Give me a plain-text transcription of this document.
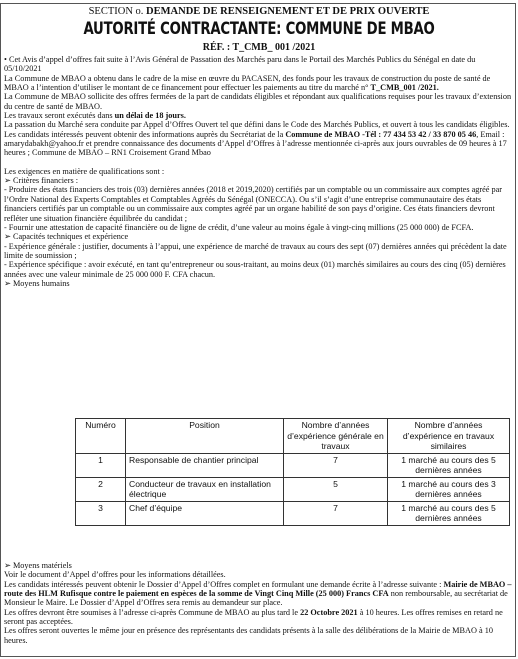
SECTION o. DEMANDE DE RENSEIGNEMENT ET DE PRIX OUVERTE
AUTORITÉ CONTRACTANTE: COMMUNE DE MBAO
RÉF. : T_CMB_ 001 /2021

• Cet Avis d’appel d’offres fait suite à l’Avis Général de Passation des Marchés paru dans le Portail des Marchés Publics du Sénégal en date du 05/10/2021

La Commune de MBAO a obtenu dans le cadre de la mise en œuvre du PACASEN, des fonds pour les travaux de construction du poste de santé de MBAO a l’intention d’utiliser le montant de ce financement pour effectuer les paiements au titre du marché n° T_CMB_001 /2021.

La Commune de MBAO sollicite des offres fermées de la part de candidats éligibles et répondant aux qualifications requises pour les travaux d’extension du centre de santé de MBAO.

Les travaux seront exécutés dans un délai de 18 jours.

La passation du Marché sera conduite par Appel d’Offres Ouvert tel que défini dans le Code des Marchés Publics, et ouvert à tous les candidats éligibles.

Les candidats intéressés peuvent obtenir des informations auprès du Secrétariat de la Commune de MBAO -Tél : 77 434 53 42 / 33 870 05 46, Email : amarydabakh@yahoo.fr et prendre connaissance des documents d’Appel d’Offres à l’adresse mentionnée ci-après aux jours ouvrables de 09 heures à 17 heures ; Commune de MBAO – RN1 Croisement Grand Mbao

Les exigences en matière de qualifications sont :

➢ Critères financiers :

- Produire des états financiers des trois (03) dernières années (2018 et 2019,2020) certifiés par un comptable ou un commissaire aux comptes agréé par l’Ordre National des Experts Comptables et Comptables Agréés du Sénégal (ONECCA). Ou s’il s’agit d’une entreprise communautaire des états financiers certifiés par un comptable ou un commissaire aux comptes agréé par un organe habilité de son pays d’origine. Ces états financiers devront refléter une situation financière équilibrée du candidat ;

- Fournir une attestation de capacité financière ou de ligne de crédit, d’une valeur au moins égale à vingt-cinq millions (25 000 000) de FCFA.

➢ Capacités techniques et expérience

- Expérience générale : justifier, documents à l’appui, une expérience de marché de travaux au cours des sept (07) dernières années qui précèdent la date limite de soumission ;

- Expérience spécifique : avoir exécuté, en tant qu’entrepreneur ou sous-traitant, au moins deux (01) marchés similaires au cours des cinq (05) dernières années avec une valeur minimale de 25 000 000 F. CFA chacun.

➢ Moyens humains

Numéro	Position	Nombre d’années d’expérience générale en travaux	Nombre d’années d’expérience en travaux similaires
1	Responsable de chantier principal	7	1 marché au cours des 5 dernières années
2	Conducteur de travaux en installation électrique	5	1 marché au cours des 3 dernières années
3	Chef d’équipe	7	1 marché au cours des 5 dernières années

➢ Moyens matériels

Voir le document d’Appel d’offres pour les informations détaillées.

Les candidats intéressés peuvent obtenir le Dossier d’Appel d’Offres complet en formulant une demande écrite à l’adresse suivante : Mairie de MBAO – route des HLM Rufisque contre le paiement en espèces de la somme de Vingt Cinq Mille (25 000) Francs CFA non remboursable, au secrétariat de Monsieur le Maire. Le Dossier d’Appel d’Offres sera remis au demandeur sur place.

Les offres devront être soumises à l’adresse ci-après Commune de MBAO au plus tard le 22 Octobre 2021 à 10 heures. Les offres remises en retard ne seront pas acceptées.

Les offres seront ouvertes le même jour en présence des représentants des candidats présents à la salle des délibérations de la Mairie de MBAO à 10 heures.
